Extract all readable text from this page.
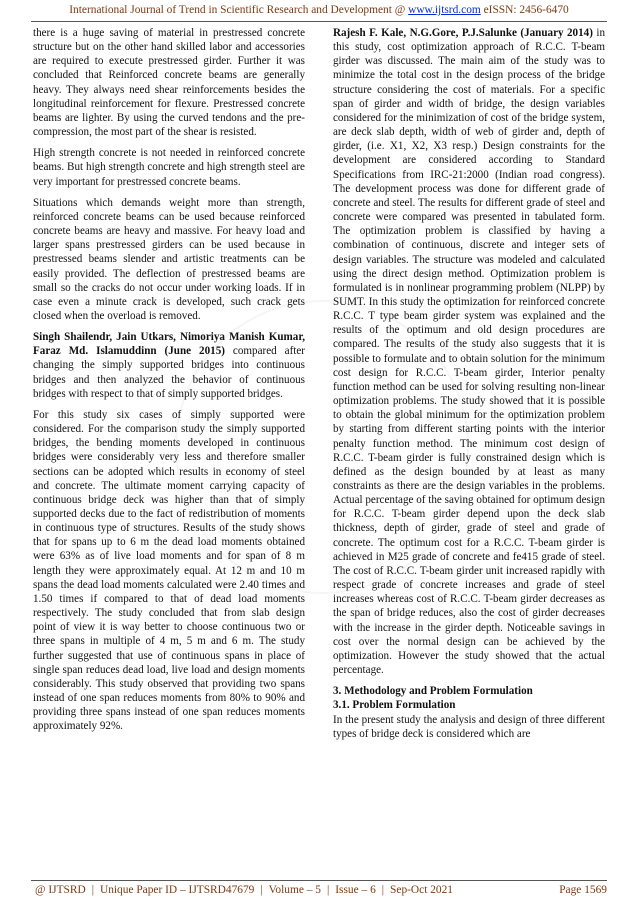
International Journal of Trend in Scientific Research and Development @ www.ijtsrd.com eISSN: 2456-6470

there is a huge saving of material in prestressed concrete structure but on the other hand skilled labor and accessories are required to execute prestressed girder. Further it was concluded that Reinforced concrete beams are generally heavy. They always need shear reinforcements besides the longitudinal reinforcement for flexure. Prestressed concrete beams are lighter. By using the curved tendons and the pre-compression, the most part of the shear is resisted.

High strength concrete is not needed in reinforced concrete beams. But high strength concrete and high strength steel are very important for prestressed concrete beams.

Situations which demands weight more than strength, reinforced concrete beams can be used because reinforced concrete beams are heavy and massive. For heavy load and larger spans prestressed girders can be used because in prestressed beams slender and artistic treatments can be easily provided. The deflection of prestressed beams are small so the cracks do not occur under working loads. If in case even a minute crack is developed, such crack gets closed when the overload is removed.

Singh Shailendr, Jain Utkars, Nimoriya Manish Kumar, Faraz Md. Islamuddinn (June 2015) compared after changing the simply supported bridges into continuous bridges and then analyzed the behavior of continuous bridges with respect to that of simply supported bridges.

For this study six cases of simply supported were considered. For the comparison study the simply supported bridges, the bending moments developed in continuous bridges were considerably very less and therefore smaller sections can be adopted which results in economy of steel and concrete. The ultimate moment carrying capacity of continuous bridge deck was higher than that of simply supported decks due to the fact of redistribution of moments in continuous type of structures. Results of the study shows that for spans up to 6 m the dead load moments obtained were 63% as of live load moments and for span of 8 m length they were approximately equal. At 12 m and 10 m spans the dead load moments calculated were 2.40 times and 1.50 times if compared to that of dead load moments respectively. The study concluded that from slab design point of view it is way better to choose continuous two or three spans in multiple of 4 m, 5 m and 6 m. The study further suggested that use of continuous spans in place of single span reduces dead load, live load and design moments considerably. This study observed that providing two spans instead of one span reduces moments from 80% to 90% and providing three spans instead of one span reduces moments approximately 92%.

Rajesh F. Kale, N.G.Gore, P.J.Salunke (January 2014) in this study, cost optimization approach of R.C.C. T-beam girder was discussed. The main aim of the study was to minimize the total cost in the design process of the bridge structure considering the cost of materials. For a specific span of girder and width of bridge, the design variables considered for the minimization of cost of the bridge system, are deck slab depth, width of web of girder and, depth of girder, (i.e. X1, X2, X3 resp.) Design constraints for the development are considered according to Standard Specifications from IRC-21:2000 (Indian road congress). The development process was done for different grade of concrete and steel. The results for different grade of steel and concrete were compared was presented in tabulated form. The optimization problem is classified by having a combination of continuous, discrete and integer sets of design variables. The structure was modeled and calculated using the direct design method. Optimization problem is formulated is in nonlinear programming problem (NLPP) by SUMT. In this study the optimization for reinforced concrete R.C.C. T type beam girder system was explained and the results of the optimum and old design procedures are compared. The results of the study also suggests that it is possible to formulate and to obtain solution for the minimum cost design for R.C.C. T-beam girder, Interior penalty function method can be used for solving resulting non-linear optimization problems. The study showed that it is possible to obtain the global minimum for the optimization problem by starting from different starting points with the interior penalty function method. The minimum cost design of R.C.C. T-beam girder is fully constrained design which is defined as the design bounded by at least as many constraints as there are the design variables in the problems. Actual percentage of the saving obtained for optimum design for R.C.C. T-beam girder depend upon the deck slab thickness, depth of girder, grade of steel and grade of concrete. The optimum cost for a R.C.C. T-beam girder is achieved in M25 grade of concrete and fe415 grade of steel. The cost of R.C.C. T-beam girder unit increased rapidly with respect grade of concrete increases and grade of steel increases whereas cost of R.C.C. T-beam girder decreases as the span of bridge reduces, also the cost of girder decreases with the increase in the girder depth. Noticeable savings in cost over the normal design can be achieved by the optimization. However the study showed that the actual percentage.

3. Methodology and Problem Formulation
3.1. Problem Formulation

In the present study the analysis and design of three different types of bridge deck is considered which are

@ IJTSRD | Unique Paper ID – IJTSRD47679 | Volume – 5 | Issue – 6 | Sep-Oct 2021	Page 1569
